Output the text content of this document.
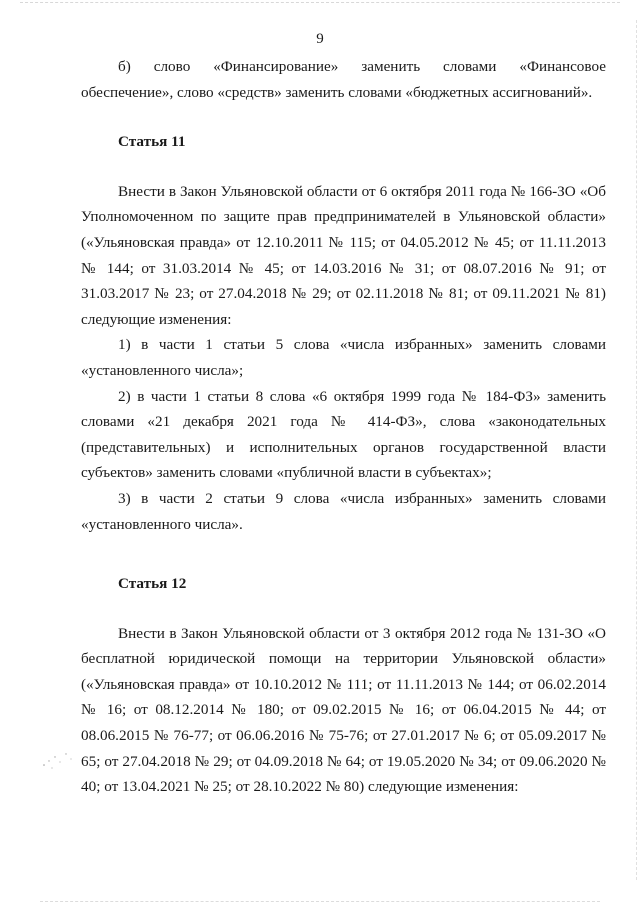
9

б) слово «Финансирование» заменить словами «Финансовое обеспечение», слово «средств» заменить словами «бюджетных ассигнований».

Статья 11

Внести в Закон Ульяновской области от 6 октября 2011 года № 166-ЗО «Об Уполномоченном по защите прав предпринимателей в Ульяновской области» («Ульяновская правда» от 12.10.2011 № 115; от 04.05.2012 № 45; от 11.11.2013 № 144; от 31.03.2014 № 45; от 14.03.2016 № 31; от 08.07.2016 № 91; от 31.03.2017 № 23; от 27.04.2018 № 29; от 02.11.2018 № 81; от 09.11.2021 № 81) следующие изменения:

1) в части 1 статьи 5 слова «числа избранных» заменить словами «установленного числа»;

2) в части 1 статьи 8 слова «6 октября 1999 года № 184-ФЗ» заменить словами «21 декабря 2021 года № 414-ФЗ», слова «законодательных (представительных) и исполнительных органов государственной власти субъектов» заменить словами «публичной власти в субъектах»;

3) в части 2 статьи 9 слова «числа избранных» заменить словами «установленного числа».

Статья 12

Внести в Закон Ульяновской области от 3 октября 2012 года № 131-ЗО «О бесплатной юридической помощи на территории Ульяновской области» («Ульяновская правда» от 10.10.2012 № 111; от 11.11.2013 № 144; от 06.02.2014 № 16; от 08.12.2014 № 180; от 09.02.2015 № 16; от 06.04.2015 № 44; от 08.06.2015 № 76-77; от 06.06.2016 № 75-76; от 27.01.2017 № 6; от 05.09.2017 № 65; от 27.04.2018 № 29; от 04.09.2018 № 64; от 19.05.2020 № 34; от 09.06.2020 № 40; от 13.04.2021 № 25; от 28.10.2022 № 80) следующие изменения:
